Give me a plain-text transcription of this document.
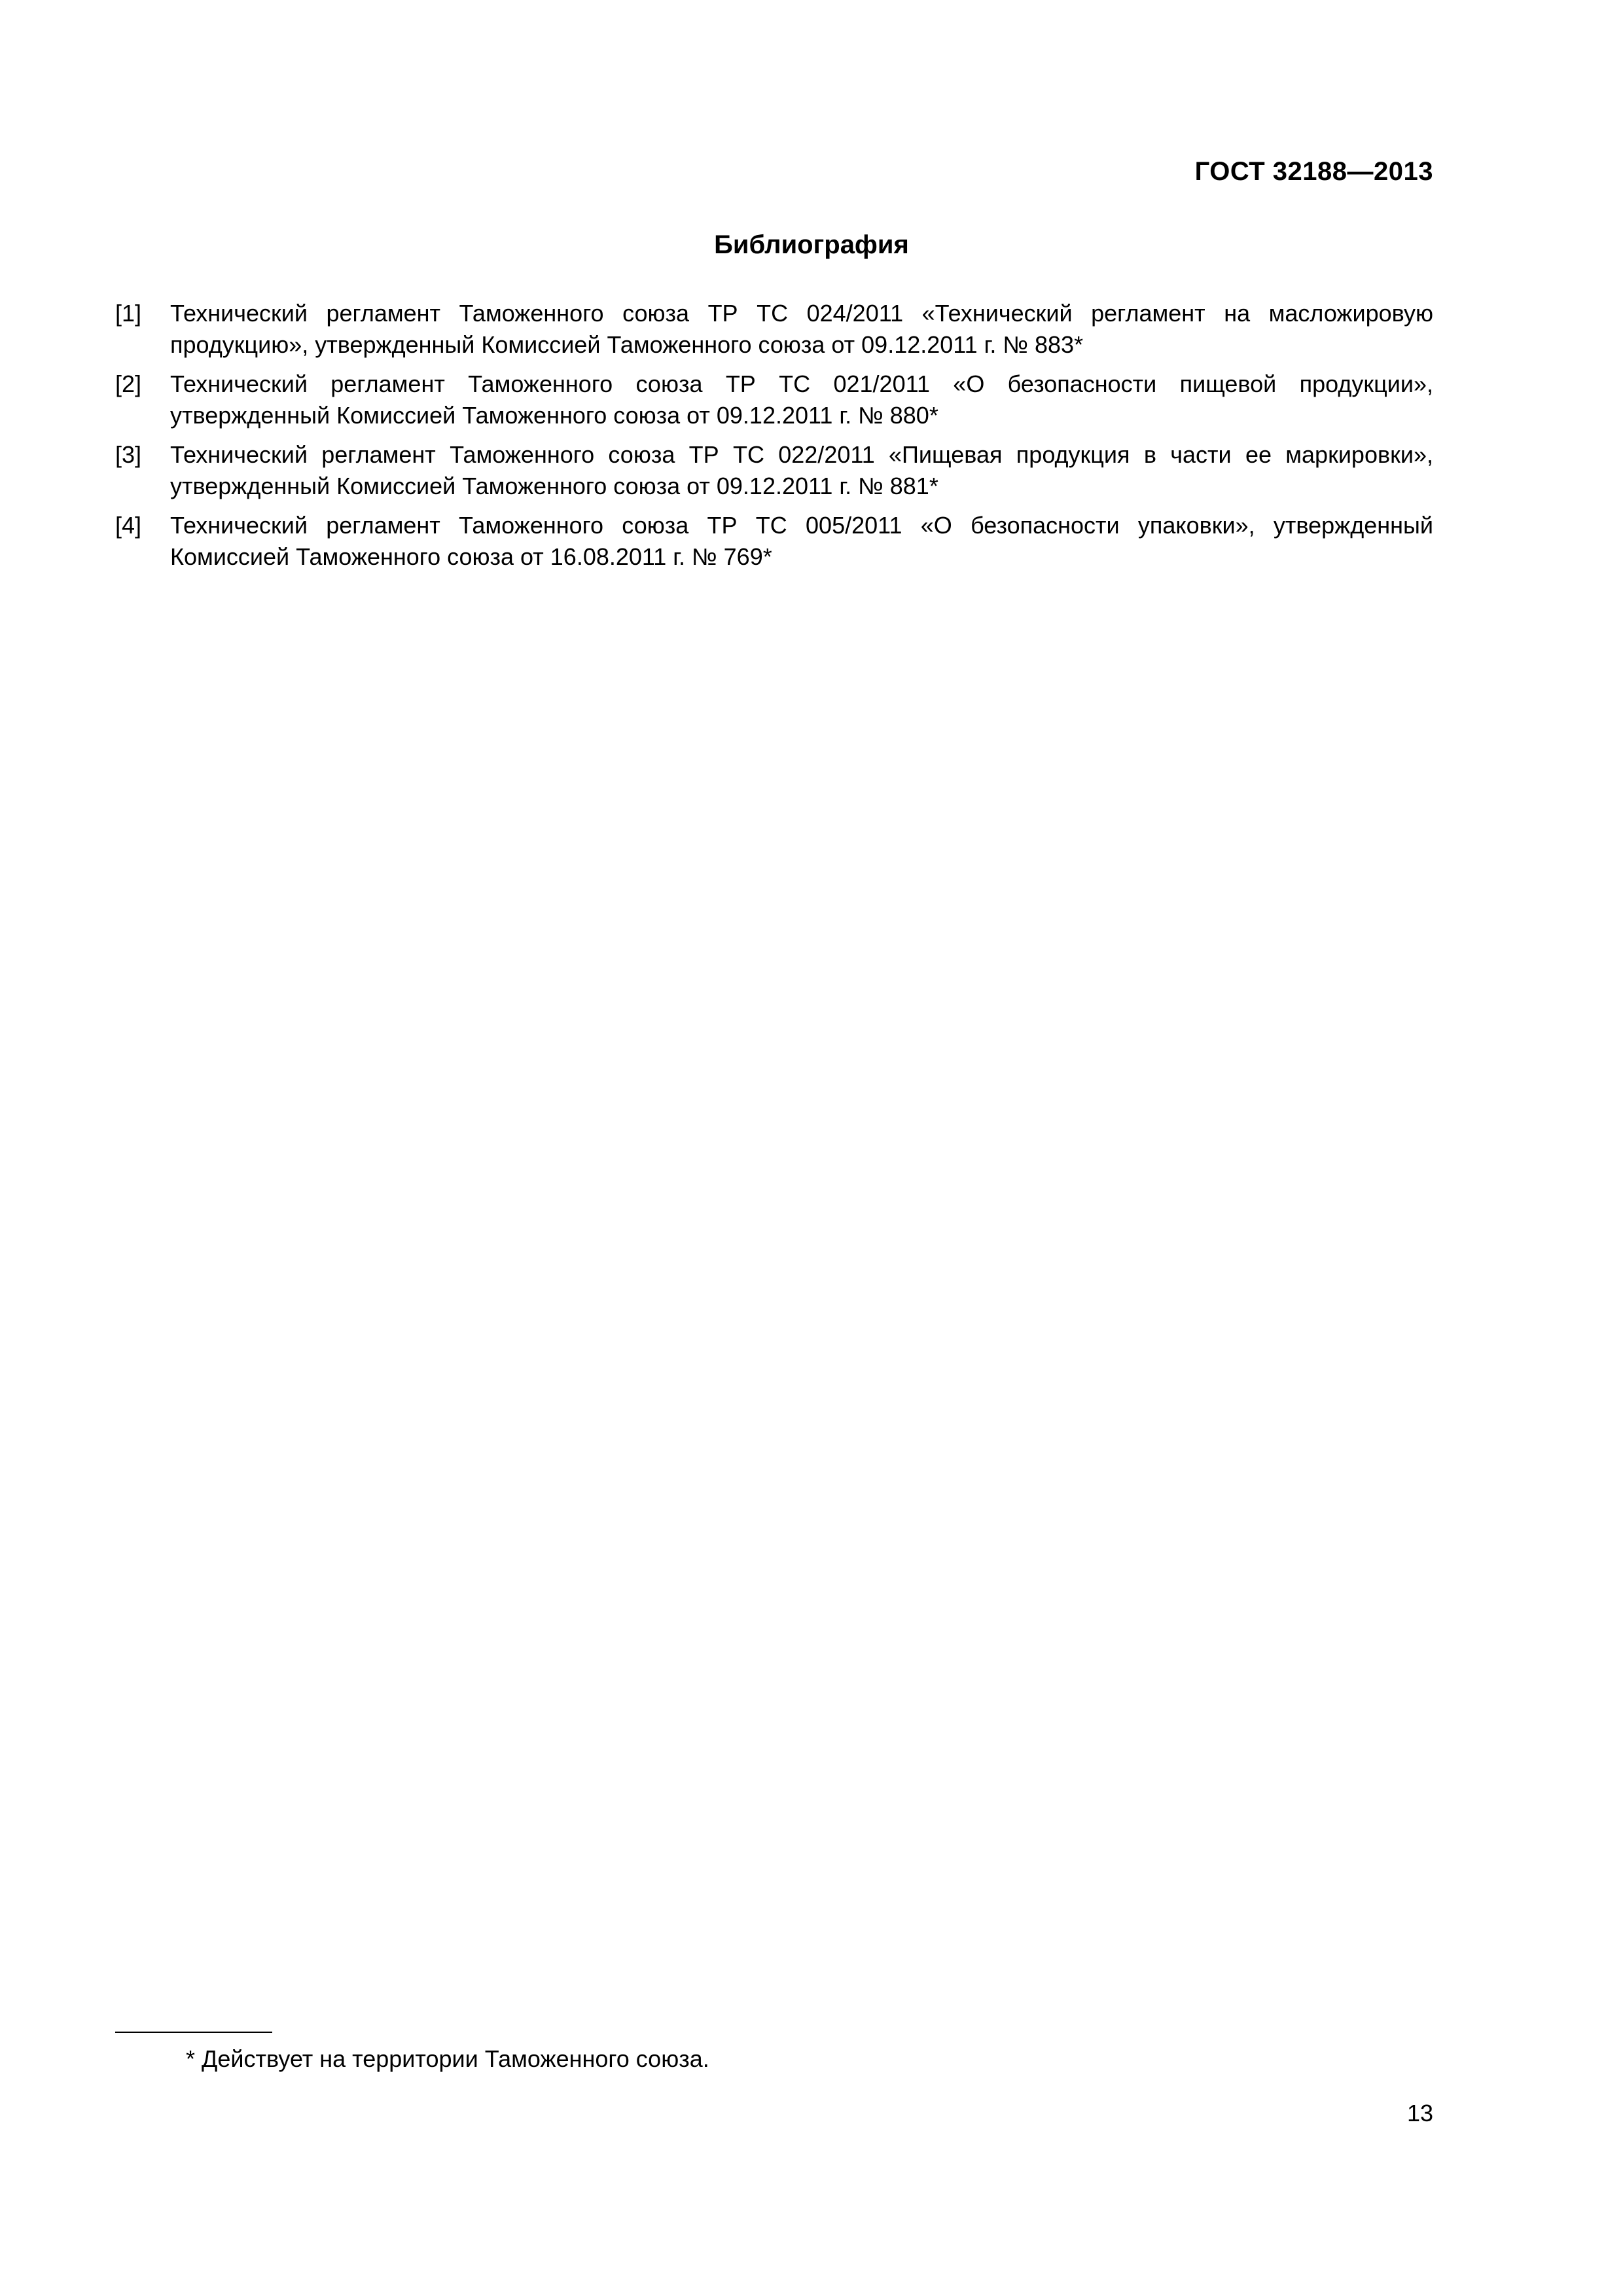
ГОСТ 32188—2013
Библиография
[1]	Технический регламент Таможенного союза ТР ТС 024/2011 «Технический регламент на масложировую продукцию», утвержденный Комиссией Таможенного союза от 09.12.2011 г. № 883*
[2]	Технический регламент Таможенного союза ТР ТС 021/2011 «О безопасности пищевой продукции», утвержденный Комиссией Таможенного союза от 09.12.2011 г. № 880*
[3]	Технический регламент Таможенного союза ТР ТС 022/2011 «Пищевая продукция в части ее маркировки», утвержденный Комиссией Таможенного союза от 09.12.2011 г. № 881*
[4]	Технический регламент Таможенного союза ТР ТС 005/2011 «О безопасности упаковки», утвержденный Комиссией Таможенного союза от 16.08.2011 г. № 769*
* Действует на территории Таможенного союза.
13
